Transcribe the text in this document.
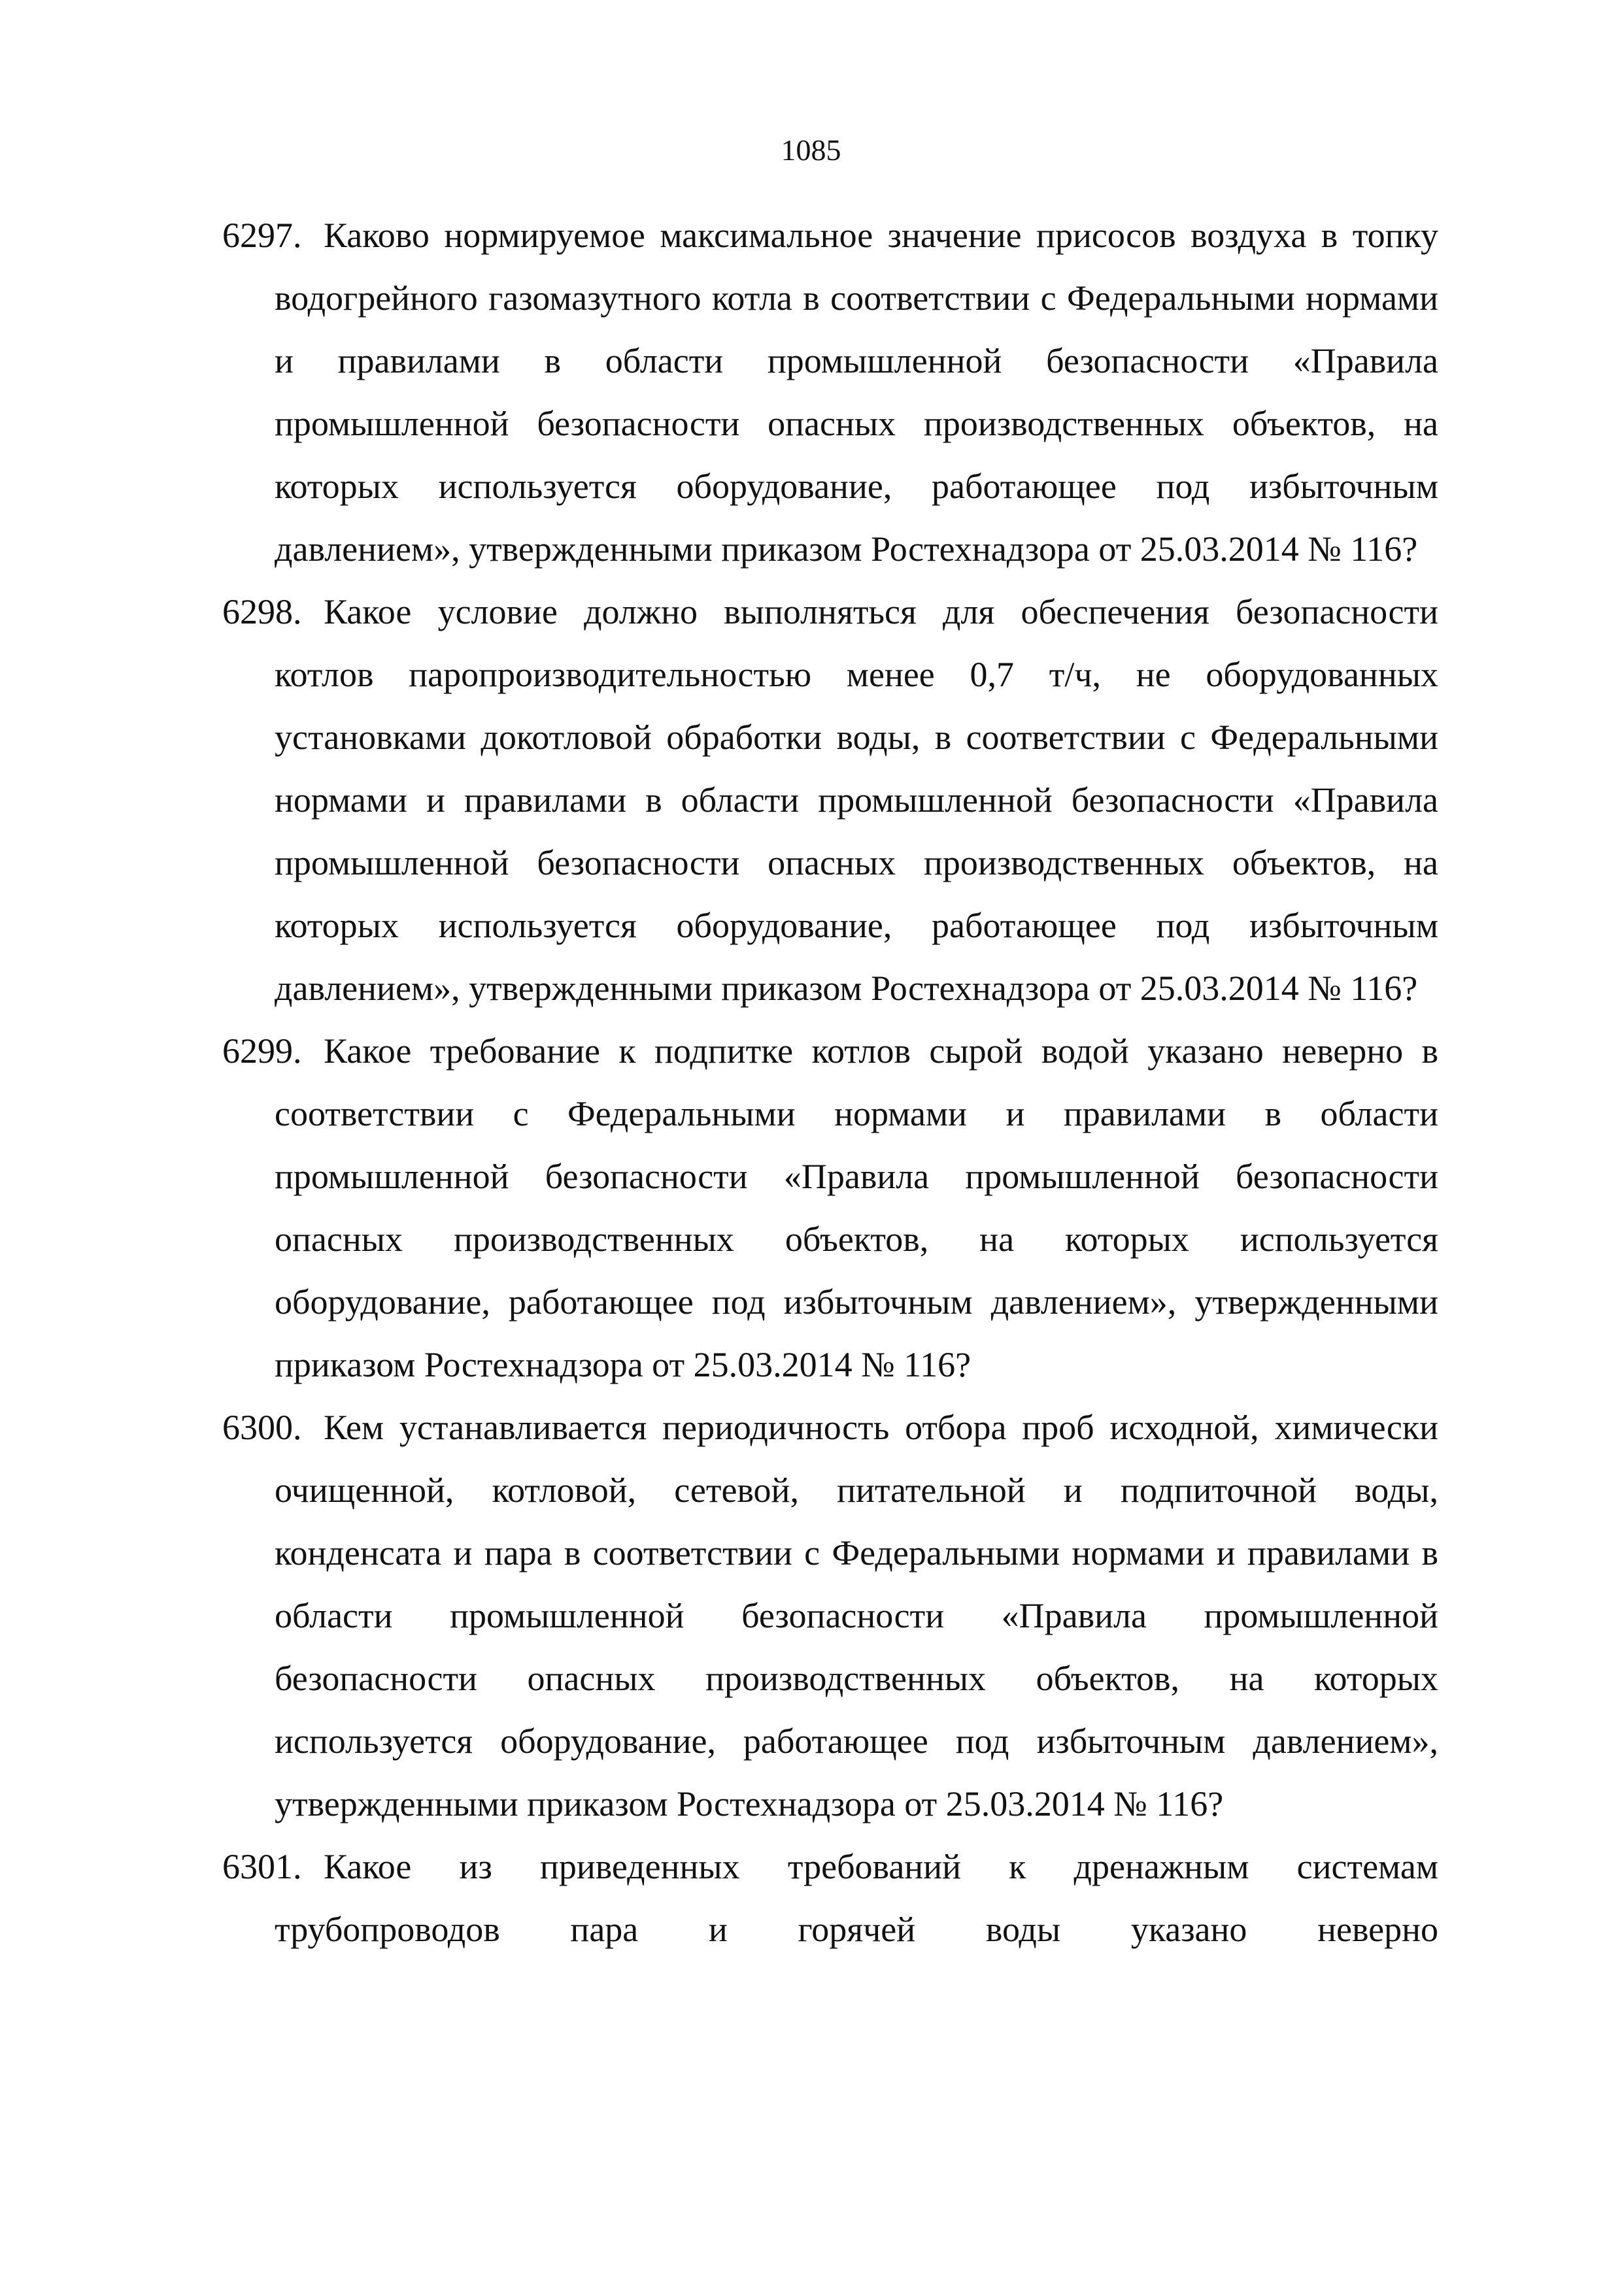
1085
6297. Каково нормируемое максимальное значение присосов воздуха в топку водогрейного газомазутного котла в соответствии с Федеральными нормами и правилами в области промышленной безопасности «Правила промышленной безопасности опасных производственных объектов, на которых используется оборудование, работающее под избыточным давлением», утвержденными приказом Ростехнадзора от 25.03.2014 № 116?
6298. Какое условие должно выполняться для обеспечения безопасности котлов паропроизводительностью менее 0,7 т/ч, не оборудованных установками докотловой обработки воды, в соответствии с Федеральными нормами и правилами в области промышленной безопасности «Правила промышленной безопасности опасных производственных объектов, на которых используется оборудование, работающее под избыточным давлением», утвержденными приказом Ростехнадзора от 25.03.2014 № 116?
6299. Какое требование к подпитке котлов сырой водой указано неверно в соответствии с Федеральными нормами и правилами в области промышленной безопасности «Правила промышленной безопасности опасных производственных объектов, на которых используется оборудование, работающее под избыточным давлением», утвержденными приказом Ростехнадзора от 25.03.2014 № 116?
6300. Кем устанавливается периодичность отбора проб исходной, химически очищенной, котловой, сетевой, питательной и подпиточной воды, конденсата и пара в соответствии с Федеральными нормами и правилами в области промышленной безопасности «Правила промышленной безопасности опасных производственных объектов, на которых используется оборудование, работающее под избыточным давлением», утвержденными приказом Ростехнадзора от 25.03.2014 № 116?
6301. Какое из приведенных требований к дренажным системам трубопроводов пара и горячей воды указано неверно
